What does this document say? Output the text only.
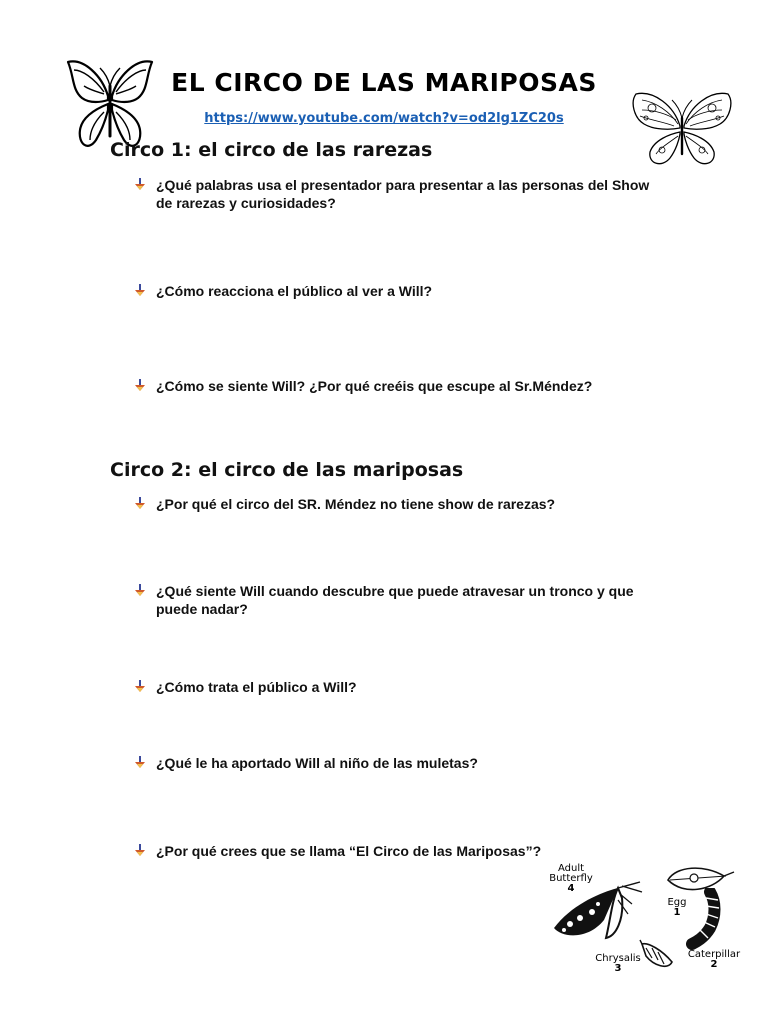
EL CIRCO DE LAS MARIPOSAS
https://www.youtube.com/watch?v=od2lg1ZC20s
Circo 1: el circo de las rarezas
¿Qué palabras usa el presentador para presentar a las personas del Show de rarezas y curiosidades?
¿Cómo reacciona el público al ver a Will?
¿Cómo se siente Will? ¿Por qué creéis que escupe al Sr.Méndez?
Circo 2: el circo de las mariposas
¿Por qué el circo del SR. Méndez no tiene show de rarezas?
¿Qué siente Will cuando descubre que puede atravesar un tronco y que puede nadar?
¿Cómo trata el público a Will?
¿Qué le ha aportado Will al niño de las muletas?
¿Por qué crees que se llama “El Circo de las Mariposas”?
Adult Butterfly
4
Egg
1
Caterpillar
2
Chrysalis
3
